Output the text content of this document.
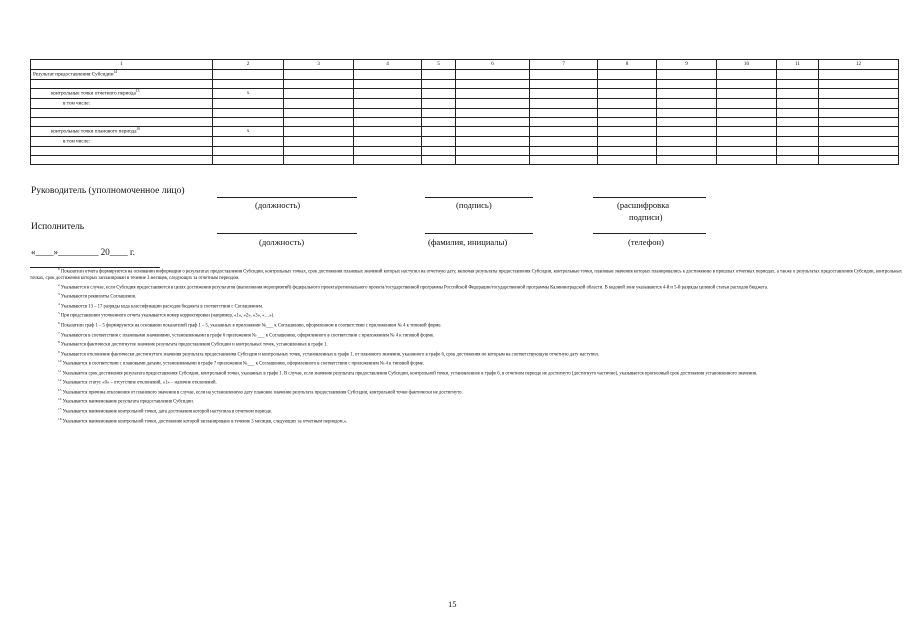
1	2	3	4	5	6	7	8	9	10	11	12
Результат предоставления Субсидии$^{14}$											

контрольные точки отчетного периода$^{15}$	х										
в том числе:											

контрольные точки планового периода$^{16}$	х										
в том числе:											

Руководитель (уполномоченное лицо)
(должность)	(подпись)	(расшифровка
подписи)
Исполнитель
(должность)	(фамилия, инициалы)	(телефон)
«____»_________ 20____ г.
$^8$ Показатели отчета формируются на основании информации о результатах предоставления Субсидии, контрольных точках, срок достижения плановых значений которых наступил на отчетную дату, включая результаты предоставления Субсидии, контрольные точки, плановые значения которых планировались к достижению в прошлых отчетных периодах, а также о результатах предоставления Субсидии, контрольных точках, срок достижения которых запланирован в течение 3 месяцев, следующих за отчетным периодом.
$^2$ Указывается в случае, если Субсидия предоставляется в целях достижения результатов (выполнения мероприятий) федерального проекта/регионального проекта/государственной программы Российской Федерации/государственной программы Калининградской области. В кодовой зоне указываются 4-й и 5-й разряды целевой статьи расходов бюджета.
$^3$ Указываются реквизиты Соглашения.
$^4$ Указываются 13 – 17 разряды кода классификации расходов бюджета в соответствии с Соглашением.
$^5$ При представлении уточненного отчета указывается номер корректировки (например, «1», «2», «3», «…»).
$^6$ Показатели граф 1 – 5 формируются на основании показателей граф 1 – 5, указанных в приложении №___ к Соглашению, оформленном в соответствии с приложением № 4 к типовой форме.
$^7$ Указываются в соответствии с плановыми значениями, установленными в графе 6 приложения № ___ к Соглашению, оформленного в соответствии с приложением № 4 к типовой форме.
$^8$ Указывается фактически достигнутое значение результата предоставления Субсидии и контрольных точек, установленных в графе 1.
$^9$ Указывается отклонение фактически достигнутого значения результата предоставления Субсидии и контрольных точек, установленных в графе 1, от планового значения, указанного в графе 6, срок достижения по которым на соответствующую отчетную дату наступил.
$^{10}$ Указывается в соответствии с плановыми датами, установленными в графе 7 приложения №___ к Соглашению, оформленного в соответствии с приложением № 4 к типовой форме.
$^{11}$ Указывается срок достижения результата предоставления Субсидии, контрольной точки, указанных в графе 1. В случае, если значение результата предоставления Субсидии, контрольной точки, установленное в графе 6, в отчетном периоде не достигнуто (достигнуто частично), указывается прогнозный срок достижения установленного значения.
$^{12}$ Указывается статус «0» – отсутствие отклонений, «1» – наличие отклонений.
$^{13}$ Указывается причина отклонения от планового значения в случае, если на установленную дату плановое значение результата предоставления Субсидии, контрольной точки фактически не достигнуто.
$^{14}$ Указывается наименование результата предоставления Субсидии.
$^{15}$ Указывается наименование контрольной точки, дата достижения которой наступила в отчетном периоде.
$^{16}$ Указывается наименование контрольной точки, достижение которой запланировано в течение 3 месяцев, следующих за отчетным периодом.».
15
